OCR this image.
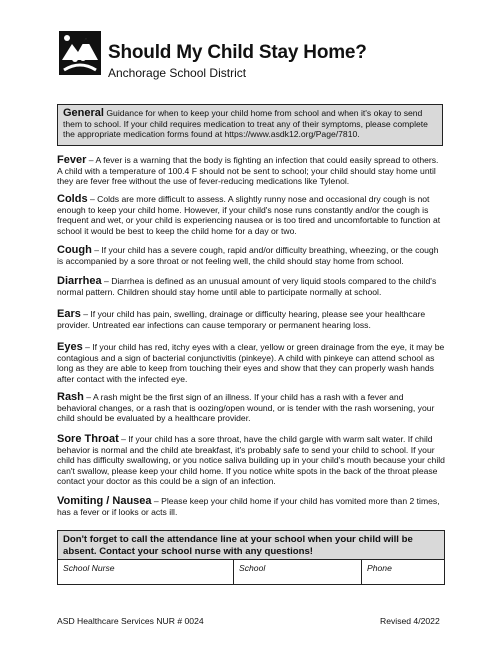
Should My Child Stay Home?
Anchorage School District
General Guidance for when to keep your child home from school and when it's okay to send them to school. If your child requires medication to treat any of their symptoms, please complete the appropriate medication forms found at https://www.asdk12.org/Page/7810.
Fever – A fever is a warning that the body is fighting an infection that could easily spread to others. A child with a temperature of 100.4 F should not be sent to school; your child should stay home until they are fever free without the use of fever-reducing medications like Tylenol.
Colds – Colds are more difficult to assess. A slightly runny nose and occasional dry cough is not enough to keep your child home. However, if your child's nose runs constantly and/or the cough is frequent and wet, or your child is experiencing nausea or is too tired and uncomfortable to function at school it would be best to keep the child home for a day or two.
Cough – If your child has a severe cough, rapid and/or difficulty breathing, wheezing, or the cough is accompanied by a sore throat or not feeling well, the child should stay home from school.
Diarrhea – Diarrhea is defined as an unusual amount of very liquid stools compared to the child's normal pattern. Children should stay home until able to participate normally at school.
Ears – If your child has pain, swelling, drainage or difficulty hearing, please see your healthcare provider. Untreated ear infections can cause temporary or permanent hearing loss.
Eyes – If your child has red, itchy eyes with a clear, yellow or green drainage from the eye, it may be contagious and a sign of bacterial conjunctivitis (pinkeye). A child with pinkeye can attend school as long as they are able to keep from touching their eyes and show that they can properly wash hands after contact with the infected eye.
Rash – A rash might be the first sign of an illness. If your child has a rash with a fever and behavioral changes, or a rash that is oozing/open wound, or is tender with the rash worsening, your child should be evaluated by a healthcare provider.
Sore Throat – If your child has a sore throat, have the child gargle with warm salt water. If child behavior is normal and the child ate breakfast, it's probably safe to send your child to school. If your child has difficulty swallowing, or you notice saliva building up in your child's mouth because your child can't swallow, please keep your child home. If you notice white spots in the back of the throat please contact your doctor as this could be a sign of an infection.
Vomiting / Nausea – Please keep your child home if your child has vomited more than 2 times, has a fever or if looks or acts ill.
Don't forget to call the attendance line at your school when your child will be absent. Contact your school nurse with any questions!
School Nurse	School	Phone
ASD Healthcare Services NUR # 0024	Revised 4/2022
